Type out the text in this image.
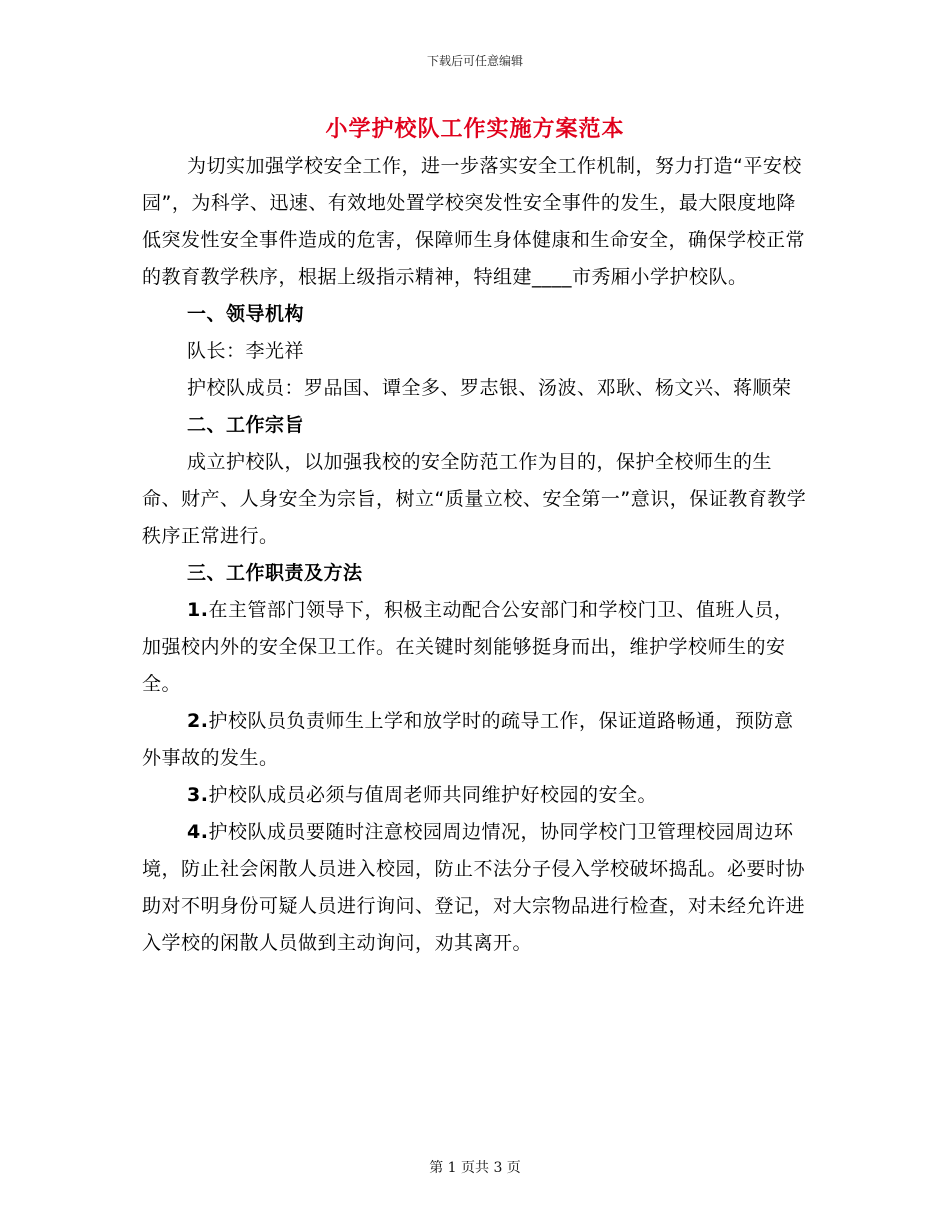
下载后可任意编辑
小学护校队工作实施方案范本

为切实加强学校安全工作，进一步落实安全工作机制，努力打造“平安校园”，为科学、迅速、有效地处置学校突发性安全事件的发生，最大限度地降低突发性安全事件造成的危害，保障师生身体健康和生命安全，确保学校正常的教育教学秩序，根据上级指示精神，特组建____市秀厢小学护校队。

一、领导机构

队长：李光祥

护校队成员：罗品国、谭全多、罗志银、汤波、邓耿、杨文兴、蒋顺荣

二、工作宗旨

成立护校队，以加强我校的安全防范工作为目的，保护全校师生的生命、财产、人身安全为宗旨，树立“质量立校、安全第一”意识，保证教育教学秩序正常进行。

三、工作职责及方法

1.在主管部门领导下，积极主动配合公安部门和学校门卫、值班人员，加强校内外的安全保卫工作。在关键时刻能够挺身而出，维护学校师生的安全。

2.护校队员负责师生上学和放学时的疏导工作，保证道路畅通，预防意外事故的发生。

3.护校队成员必须与值周老师共同维护好校园的安全。

4.护校队成员要随时注意校园周边情况，协同学校门卫管理校园周边环境，防止社会闲散人员进入校园，防止不法分子侵入学校破坏捣乱。必要时协助对不明身份可疑人员进行询问、登记，对大宗物品进行检查，对未经允许进入学校的闲散人员做到主动询问，劝其离开。

第 1 页共 3 页
